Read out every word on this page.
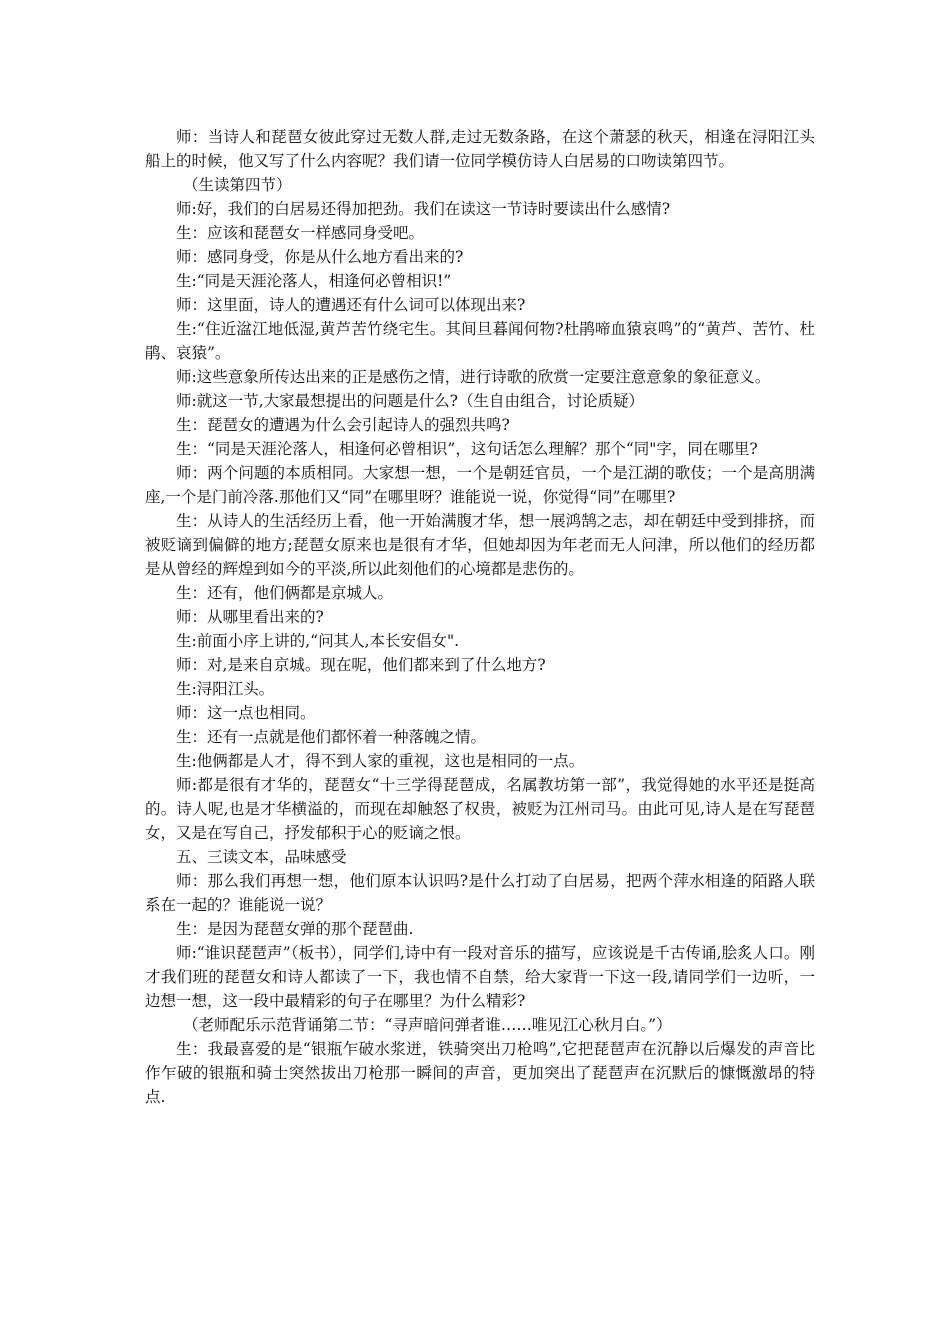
师：当诗人和琵琶女彼此穿过无数人群,走过无数条路，在这个萧瑟的秋天，相逢在浔阳江头船上的时候，他又写了什么内容呢？我们请一位同学模仿诗人白居易的口吻读第四节。

（生读第四节）

师:好，我们的白居易还得加把劲。我们在读这一节诗时要读出什么感情?

生：应该和琵琶女一样感同身受吧。

师：感同身受，你是从什么地方看出来的?

生:“同是天涯沦落人，相逢何必曾相识!”

师：这里面，诗人的遭遇还有什么词可以体现出来?

生:“住近湓江地低湿,黄芦苦竹绕宅生。其间旦暮闻何物?杜鹃啼血猿哀鸣”的“黄芦、苦竹、杜鹃、哀猿”。

师:这些意象所传达出来的正是感伤之情，进行诗歌的欣赏一定要注意意象的象征意义。

师:就这一节,大家最想提出的问题是什么?（生自由组合，讨论质疑）

生：琵琶女的遭遇为什么会引起诗人的强烈共鸣?

生：“同是天涯沦落人，相逢何必曾相识”，这句话怎么理解？那个“同"字，同在哪里?

师：两个问题的本质相同。大家想一想，一个是朝廷官员，一个是江湖的歌伎；一个是高朋满座,一个是门前冷落.那他们又“同”在哪里呀？谁能说一说，你觉得“同”在哪里?

生：从诗人的生活经历上看，他一开始满腹才华，想一展鸿鹄之志，却在朝廷中受到排挤，而被贬谪到偏僻的地方;琵琶女原来也是很有才华，但她却因为年老而无人问津，所以他们的经历都是从曾经的辉煌到如今的平淡,所以此刻他们的心境都是悲伤的。

生：还有，他们俩都是京城人。

师：从哪里看出来的?

生:前面小序上讲的,“问其人,本长安倡女".

师：对,是来自京城。现在呢，他们都来到了什么地方?

生:浔阳江头。

师：这一点也相同。

生：还有一点就是他们都怀着一种落魄之情。

生:他俩都是人才，得不到人家的重视，这也是相同的一点。

师:都是很有才华的，琵琶女“十三学得琵琶成，名属教坊第一部”，我觉得她的水平还是挺高的。诗人呢,也是才华横溢的，而现在却触怒了权贵，被贬为江州司马。由此可见,诗人是在写琵琶女，又是在写自己，抒发郁积于心的贬谪之恨。

五、三读文本，品味感受

师：那么我们再想一想，他们原本认识吗?是什么打动了白居易，把两个萍水相逢的陌路人联系在一起的？谁能说一说？

生：是因为琵琶女弹的那个琵琶曲.

师:“谁识琵琶声”（板书），同学们,诗中有一段对音乐的描写，应该说是千古传诵,脍炙人口。刚才我们班的琵琶女和诗人都读了一下，我也情不自禁，给大家背一下这一段,请同学们一边听，一边想一想，这一段中最精彩的句子在哪里？为什么精彩?

（老师配乐示范背诵第二节：“寻声暗问弹者谁……唯见江心秋月白。”）

生：我最喜爱的是“银瓶乍破水浆迸，铁骑突出刀枪鸣”,它把琵琶声在沉静以后爆发的声音比作乍破的银瓶和骑士突然拔出刀枪那一瞬间的声音，更加突出了琵琶声在沉默后的慷慨激昂的特点.
